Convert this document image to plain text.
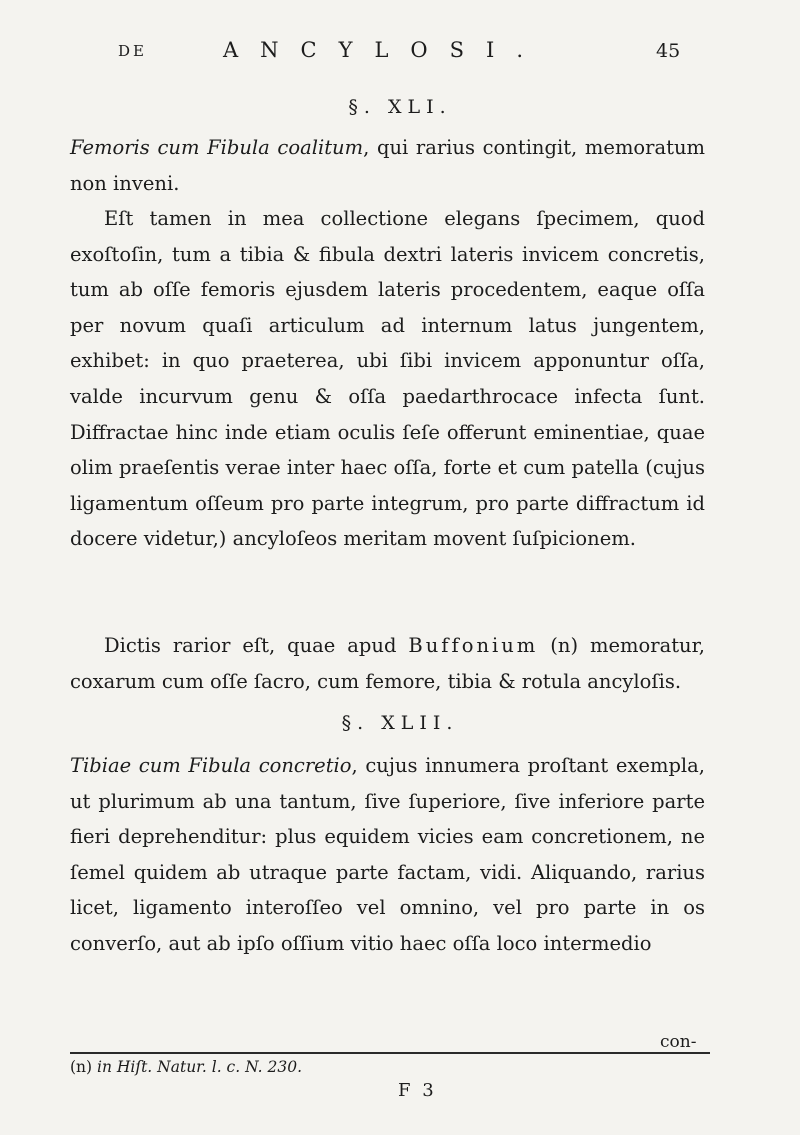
DE	ANCYLOSI.	45
§. XLI.

Femoris cum Fibula coalitum, qui rarius contingit, memoratum non inveni.

Eſt tamen in mea collectione elegans ſpecimem, quod exoſtoſin, tum a tibia & fibula dextri lateris invicem concretis, tum ab oſſe femoris ejusdem lateris procedentem, eaque oſſa per novum quaſi articulum ad internum latus jungentem, exhibet: in quo praeterea, ubi ſibi invicem apponuntur oſſa, valde incurvum genu & oſſa paedarthrocace infecta ſunt. Diffractae hinc inde etiam oculis ſeſe offerunt eminentiae, quae olim praeſentis verae inter haec oſſa, forte et cum patella (cujus ligamentum oſſeum pro parte integrum, pro parte diffractum id docere videtur,) ancyloſeos meritam movent ſuſpicionem.

Dictis rarior eſt, quae apud Buffonium (n) memoratur, coxarum cum oſſe ſacro, cum femore, tibia & rotula ancyloſis.

§. XLII.

Tibiae cum Fibula concretio, cujus innumera proſtant exempla, ut plurimum ab una tantum, ſive ſuperiore, ſive inferiore parte fieri deprehenditur: plus equidem vicies eam concretionem, ne ſemel quidem ab utraque parte factam, vidi. Aliquando, rarius licet, ligamento interoſſeo vel omnino, vel pro parte in os converſo, aut ab ipſo oſſium vitio haec oſſa loco intermedio

con-
(n) in Hiſt. Natur. l. c. N. 230.
F 3
